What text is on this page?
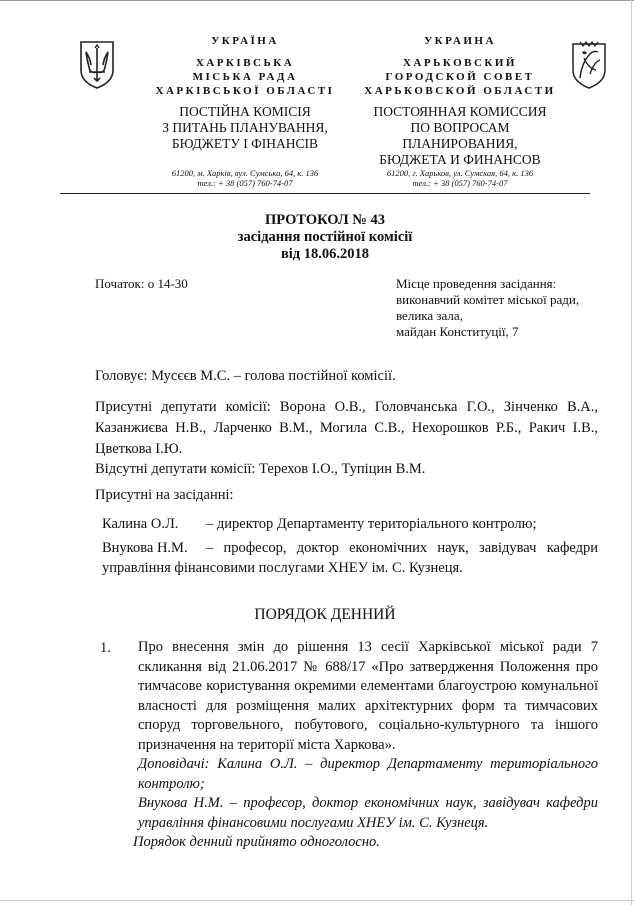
УКРАЇНА
ХАРКІВСЬКА
МІСЬКА РАДА
ХАРКІВСЬКОЇ ОБЛАСТІ
ПОСТІЙНА КОМІСІЯ
З ПИТАНЬ ПЛАНУВАННЯ,
БЮДЖЕТУ І ФІНАНСІВ
УКРАИНА
ХАРЬКОВСКИЙ
ГОРОДСКОЙ СОВЕТ
ХАРЬКОВСКОЙ ОБЛАСТИ
ПОСТОЯННАЯ КОМИССИЯ
ПО ВОПРОСАМ ПЛАНИРОВАНИЯ,
БЮДЖЕТА И ФИНАНСОВ
61200, м. Харків, вул. Сумська, 64, к. 136
тел.: + 38 (057) 760-74-07
61200, г. Харьков, ул. Сумская, 64, к. 136
тел.: + 38 (057) 760-74-07
ПРОТОКОЛ № 43
засідання постійної комісії
від 18.06.2018
Початок: о 14-30	Місце проведення засідання:
виконавчий комітет міської ради,
велика зала,
майдан Конституції, 7
Головує: Мусєєв М.С. – голова постійної комісії.
Присутні депутати комісії: Ворона О.В., Головчанська Г.О., Зінченко В.А., Казанжиєва Н.В., Ларченко В.М., Могила С.В., Нехорошков Р.Б., Ракич І.В., Цветкова І.Ю.
Відсутні депутати комісії: Терехов І.О., Тупіцин В.М.
Присутні на засіданні:
Калина О.Л. – директор Департаменту територіального контролю;
Внукова Н.М. – професор, доктор економічних наук, завідувач кафедри
управління фінансовими послугами ХНЕУ ім. С. Кузнеця.
ПОРЯДОК ДЕННИЙ
1. Про внесення змін до рішення 13 сесії Харківської міської ради 7 скликання від 21.06.2017 № 688/17 «Про затвердження Положення про тимчасове користування окремими елементами благоустрою комунальної власності для розміщення малих архітектурних форм та тимчасових споруд торговельного, побутового, соціально-культурного та іншого призначення на території міста Харкова».
Доповідачі: Калина О.Л. – директор Департаменту територіального контролю;
Внукова Н.М. – професор, доктор економічних наук, завідувач кафедри управління фінансовими послугами ХНЕУ ім. С. Кузнеця.
Порядок денний прийнято одноголосно.
